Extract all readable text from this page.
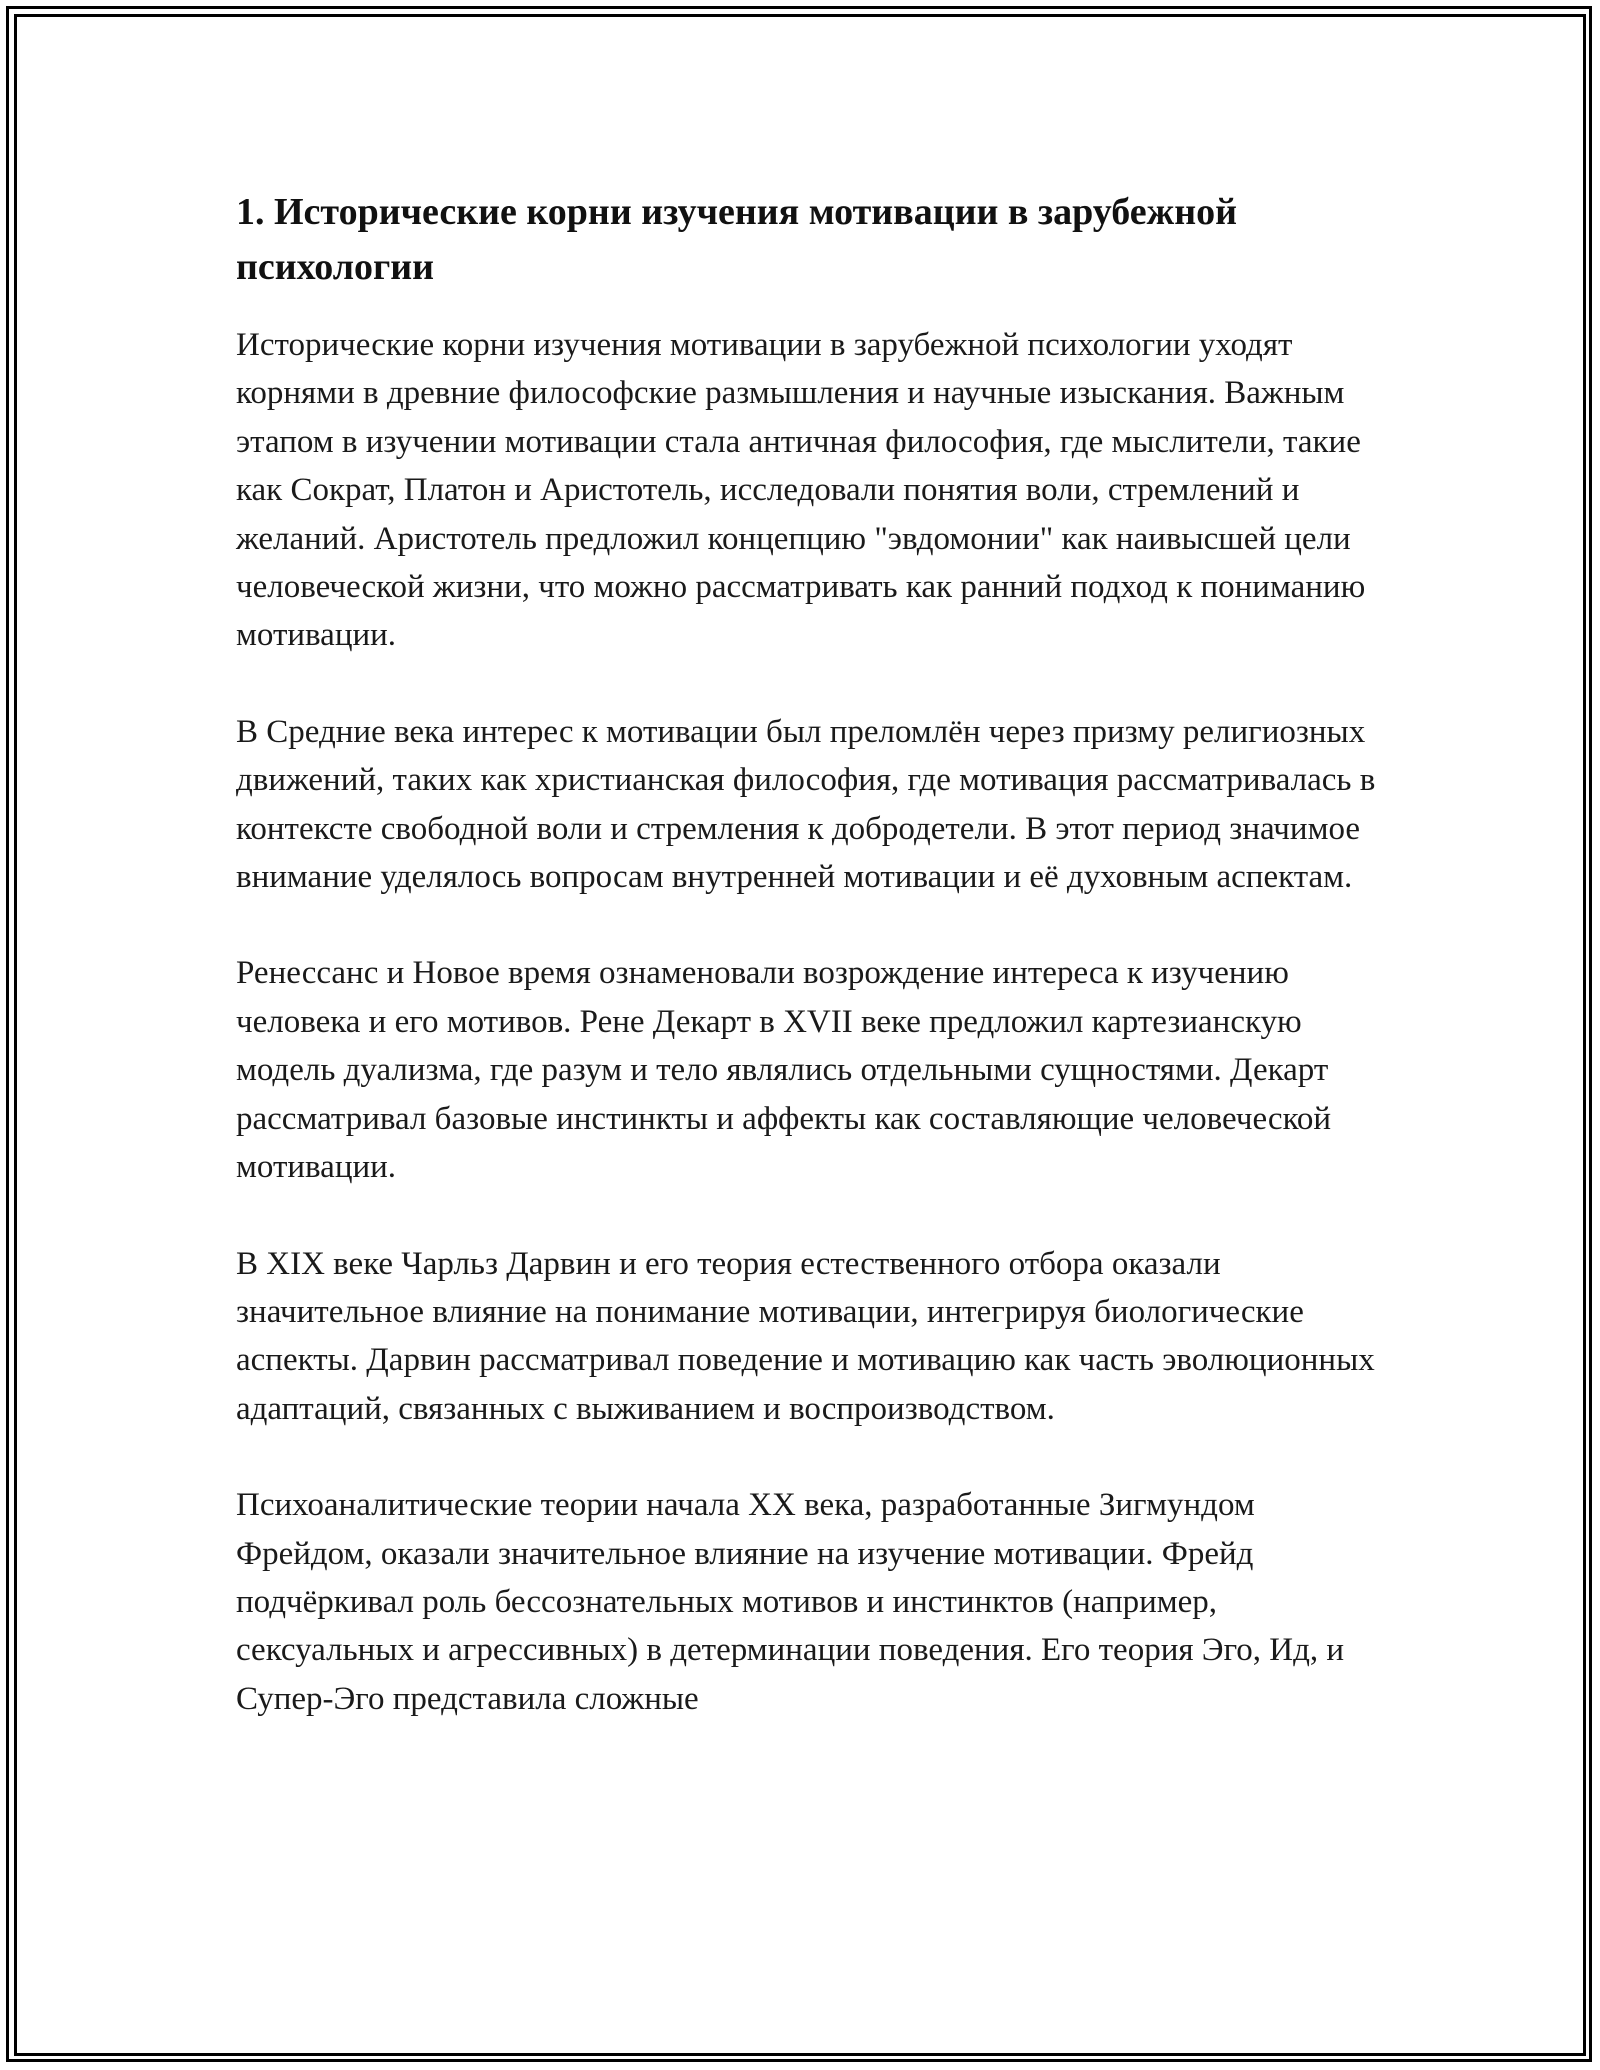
1. Исторические корни изучения мотивации в зарубежной психологии

Исторические корни изучения мотивации в зарубежной психологии уходят корнями в древние философские размышления и научные изыскания. Важным этапом в изучении мотивации стала античная философия, где мыслители, такие как Сократ, Платон и Аристотель, исследовали понятия воли, стремлений и желаний. Аристотель предложил концепцию "эвдомонии" как наивысшей цели человеческой жизни, что можно рассматривать как ранний подход к пониманию мотивации.

В Средние века интерес к мотивации был преломлён через призму религиозных движений, таких как христианская философия, где мотивация рассматривалась в контексте свободной воли и стремления к добродетели. В этот период значимое внимание уделялось вопросам внутренней мотивации и её духовным аспектам.

Ренессанс и Новое время ознаменовали возрождение интереса к изучению человека и его мотивов. Рене Декарт в XVII веке предложил картезианскую модель дуализма, где разум и тело являлись отдельными сущностями. Декарт рассматривал базовые инстинкты и аффекты как составляющие человеческой мотивации.

В XIX веке Чарльз Дарвин и его теория естественного отбора оказали значительное влияние на понимание мотивации, интегрируя биологические аспекты. Дарвин рассматривал поведение и мотивацию как часть эволюционных адаптаций, связанных с выживанием и воспроизводством.

Психоаналитические теории начала XX века, разработанные Зигмундом Фрейдом, оказали значительное влияние на изучение мотивации. Фрейд подчёркивал роль бессознательных мотивов и инстинктов (например, сексуальных и агрессивных) в детерминации поведения. Его теория Эго, Ид, и Супер-Эго представила сложные
